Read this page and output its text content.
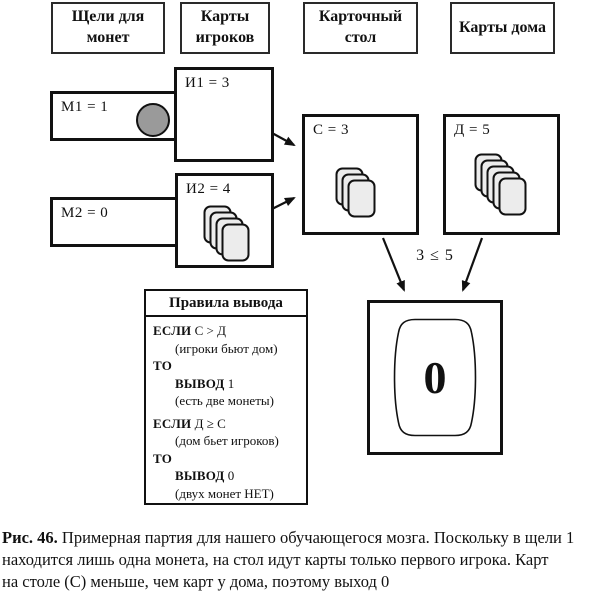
Щели для монет
Карты игроков
Карточный стол
Карты дома
М1 = 1
М2 = 0
И1 = 3
И2 = 4
С = 3	Д = 5
3 ≤ 5
0
Правила вывода
ЕСЛИ С > Д
(игроки бьют дом)
ТО
ВЫВОД 1
(есть две монеты)
ЕСЛИ Д ≥ С
(дом бьет игроков)
ТО
ВЫВОД 0
(двух монет НЕТ)
Рис. 46. Примерная партия для нашего обучающегося мозга. Поскольку в щели 1
находится лишь одна монета, на стол идут карты только первого игрока. Карт
на столе (С) меньше, чем карт у дома, поэтому выход 0
